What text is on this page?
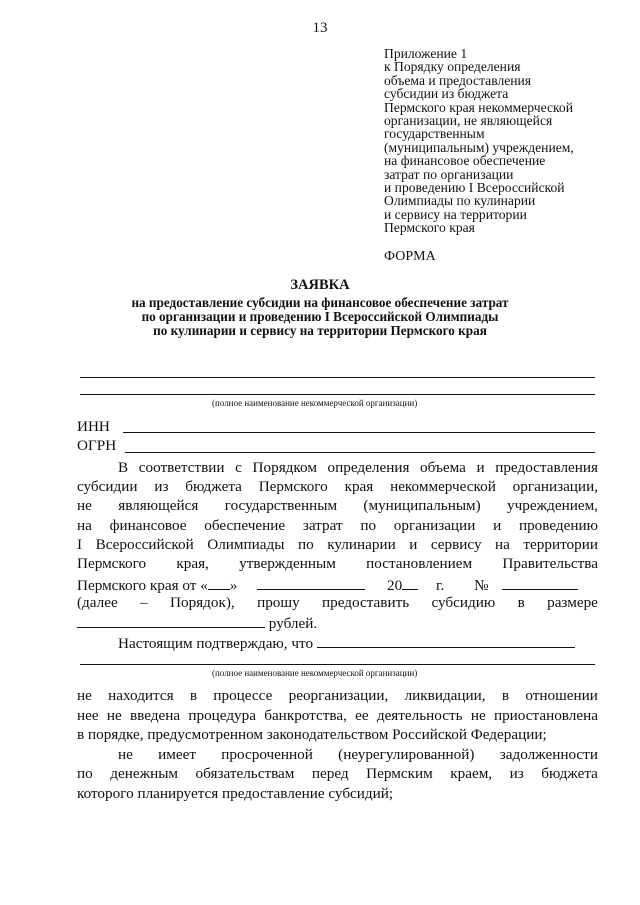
13
Приложение 1
к Порядку определения
объема и предоставления
субсидии из бюджета
Пермского края некоммерческой
организации, не являющейся
государственным
(муниципальным) учреждением,
на финансовое обеспечение
затрат по организации
и проведению I Всероссийской
Олимпиады по кулинарии
и сервису на территории
Пермского края
ФОРМА
ЗАЯВКА
на предоставление субсидии на финансовое обеспечение затрат
по организации и проведению I Всероссийской Олимпиады
по кулинарии и сервису на территории Пермского края
(полное наименование некоммерческой организации)
ИНН
ОГРН
В соответствии с Порядком определения объема и предоставления
субсидии из бюджета Пермского края некоммерческой организации,
не являющейся государственным (муниципальным) учреждением,
на финансовое обеспечение затрат по организации и проведению
I Всероссийской Олимпиады по кулинарии и сервису на территории
Пермского края, утвержденным постановлением Правительства
Пермского края от « »	20 г. №
(далее – Порядок), прошу предоставить субсидию в размере
рублей.
Настоящим подтверждаю, что
(полное наименование некоммерческой организации)
не находится в процессе реорганизации, ликвидации, в отношении
нее не введена процедура банкротства, ее деятельность не приостановлена
в порядке, предусмотренном законодательством Российской Федерации;
не имеет просроченной (неурегулированной) задолженности
по денежным обязательствам перед Пермским краем, из бюджета
которого планируется предоставление субсидий;
